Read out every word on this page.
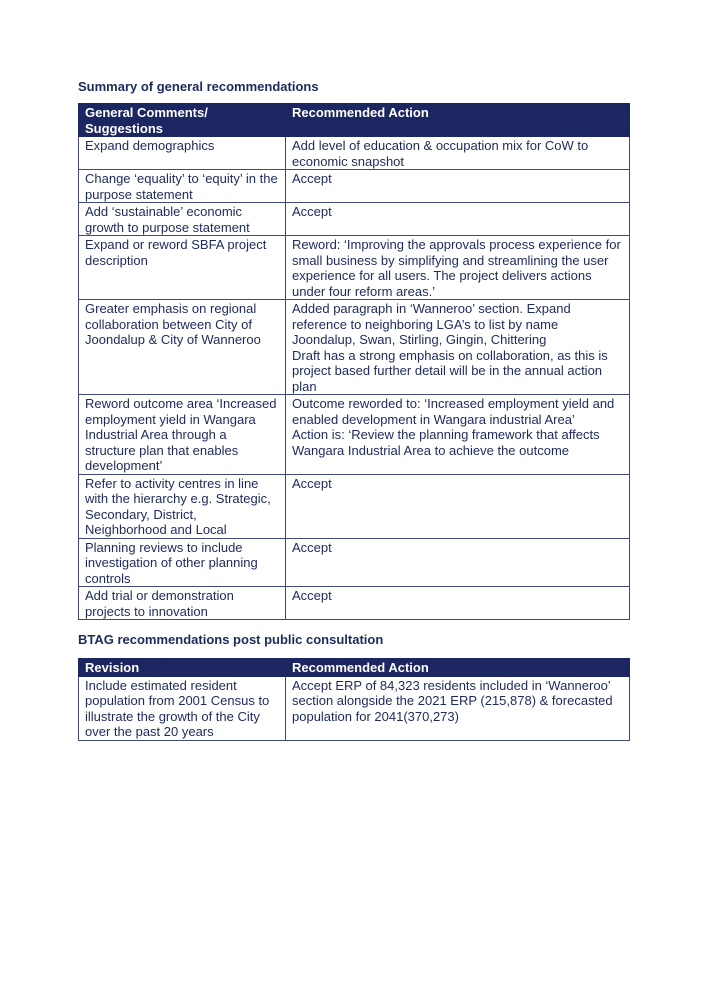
Summary of general recommendations
General Comments/ Suggestions	Recommended Action
Expand demographics	Add level of education & occupation mix for CoW to economic snapshot

Change ‘equality’ to ‘equity’ in the purpose statement	Accept

Add ‘sustainable’ economic growth to purpose statement	Accept

Expand or reword SBFA project description	Reword: ‘Improving the approvals process experience for small business by simplifying and streamlining the user experience for all users. The project delivers actions under four reform areas.’

Greater emphasis on regional collaboration between City of Joondalup & City of Wanneroo	Added paragraph in ‘Wanneroo’ section. Expand reference to neighboring LGA’s to list by name Joondalup, Swan, Stirling, Gingin, Chittering
Draft has a strong emphasis on collaboration, as this is project based further detail will be in the annual action plan

Reword outcome area ‘Increased employment yield in Wangara Industrial Area through a structure plan that enables development’	Outcome reworded to: ‘Increased employment yield and enabled development in Wangara industrial Area’
Action is: ‘Review the planning framework that affects Wangara Industrial Area to achieve the outcome

Refer to activity centres in line with the hierarchy e.g. Strategic, Secondary, District, Neighborhood and Local	Accept

Planning reviews to include investigation of other planning controls	Accept

Add trial or demonstration projects to innovation	Accept
BTAG recommendations post public consultation
Revision	Recommended Action
Include estimated resident population from 2001 Census to illustrate the growth of the City over the past 20 years	Accept ERP of 84,323 residents included in ‘Wanneroo’ section alongside the 2021 ERP (215,878) & forecasted population for 2041(370,273)
